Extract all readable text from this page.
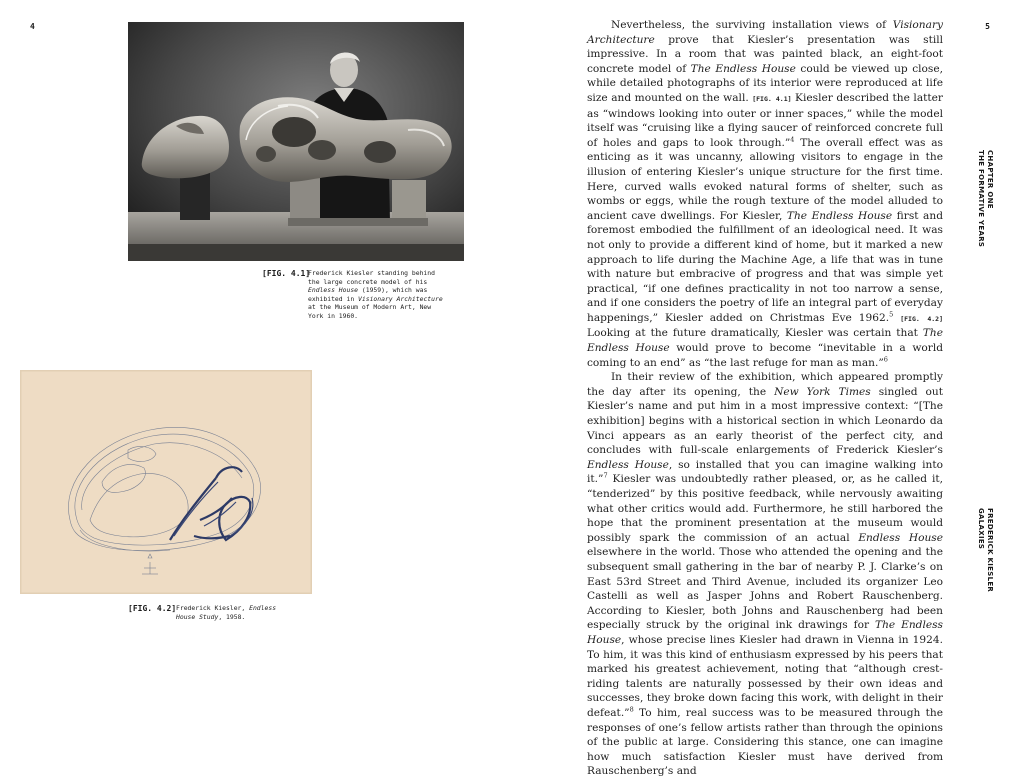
4
[FIG. 4.1]
Frederick Kiesler standing behind
the large concrete model of his
Endless House (1959), which was
exhibited in Visionary Architecture
at the Museum of Modern Art, New
York in 1960.
[FIG. 4.2] Frederick Kiesler, Endless
House Study, 1958.

Nevertheless, the surviving installation views of Visionary Architecture prove that Kiesler’s presentation was still impressive. In a room that was painted black, an eight-foot concrete model of The Endless House could be viewed up close, while detailed photographs of its interior were reproduced at life size and mounted on the wall. [FIG. 4.1] Kiesler described the latter as “windows looking into outer or inner spaces,” while the model itself was “cruising like a flying saucer of reinforced concrete full of holes and gaps to look through.”$^4$ The overall effect was as enticing as it was uncanny, allowing visitors to engage in the illusion of entering Kiesler’s unique structure for the first time. Here, curved walls evoked natural forms of shelter, such as wombs or eggs, while the rough texture of the model alluded to ancient cave dwellings. For Kiesler, The Endless House first and foremost embodied the fulfillment of an ideological need. It was not only to provide a different kind of home, but it marked a new approach to life during the Machine Age, a life that was in tune with nature but embracive of progress and that was simple yet practical, “if one defines practicality in not too narrow a sense, and if one considers the poetry of life an integral part of everyday happenings,” Kiesler added on Christmas Eve 1962.$^5$ [FIG. 4.2] Looking at the future dramatically, Kiesler was certain that The Endless House would prove to become “inevitable in a world coming to an end” as “the last refuge for man as man.”$^6$

In their review of the exhibition, which appeared promptly the day after its opening, the New York Times singled out Kiesler’s name and put him in a most impressive context: “[The exhibition] begins with a historical section in which Leonardo da Vinci appears as an early theorist of the perfect city, and concludes with full-scale enlargements of Frederick Kiesler’s Endless House, so installed that you can imagine walking into it.”$^7$ Kiesler was undoubtedly rather pleased, or, as he called it, “tenderized” by this positive feedback, while nervously awaiting what other critics would add. Furthermore, he still harbored the hope that the prominent presentation at the museum would possibly spark the commission of an actual Endless House elsewhere in the world. Those who attended the opening and the subsequent small gathering in the bar of nearby P. J. Clarke’s on East 53rd Street and Third Avenue, included its organizer Leo Castelli as well as Jasper Johns and Robert Rauschenberg. According to Kiesler, both Johns and Rauschenberg had been especially struck by the original ink drawings for The Endless House, whose precise lines Kiesler had drawn in Vienna in 1924. To him, it was this kind of enthusiasm expressed by his peers that marked his greatest achievement, noting that “although crest-riding talents are naturally possessed by their own ideas and successes, they broke down facing this work, with delight in their defeat.”$^8$ To him, real success was to be measured through the responses of one’s fellow artists rather than through the opinions of the public at large. Considering this stance, one can imagine how much satisfaction Kiesler must have derived from Rauschenberg’s and

5
CHAPTER ONE
THE FORMATIVE YEARS
FREDERICK KIESLER
GALAXIES
